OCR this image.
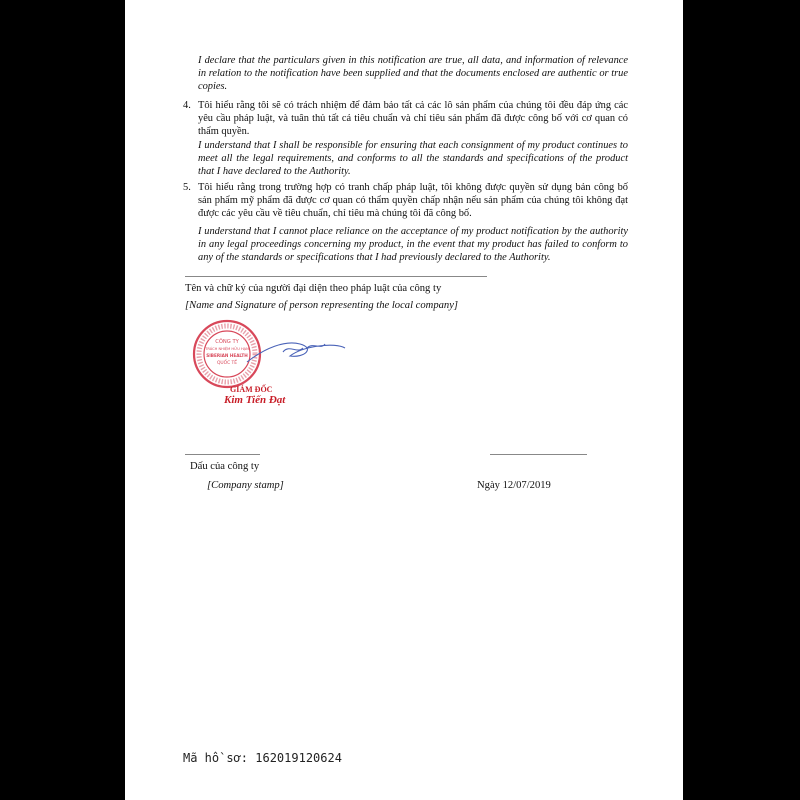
I declare that the particulars given in this notification are true, all data, and information of relevance in relation to the notification have been supplied and that the documents enclosed are authentic or true copies.
4. Tôi hiểu rằng tôi sẽ có trách nhiệm để đảm bảo tất cả các lô sản phẩm của chúng tôi đều đáp ứng các yêu cầu pháp luật, và tuân thủ tất cả tiêu chuẩn và chỉ tiêu sản phẩm đã được công bố với cơ quan có thẩm quyền.
I understand that I shall be responsible for ensuring that each consignment of my product continues to meet all the legal requirements, and conforms to all the standards and specifications of the product that I have declared to the Authority.
5. Tôi hiểu rằng trong trường hợp có tranh chấp pháp luật, tôi không được quyền sử dụng bản công bố sản phẩm mỹ phẩm đã được cơ quan có thẩm quyền chấp nhận nếu sản phẩm của chúng tôi không đạt được các yêu cầu về tiêu chuẩn, chỉ tiêu mà chúng tôi đã công bố.
I understand that I cannot place reliance on the acceptance of my product notification by the authority in any legal proceedings concerning my product, in the event that my product has failed to conform to any of the standards or specifications that I had previously declared to the Authority.
Tên và chữ ký của người đại diện theo pháp luật của công ty
[Name and Signature of person representing the local company]
CÔNG TY
TRÁCH NHIỆM HỮU HẠN
SIBERIAN HEALTH
QUỐC TẾ
GIÁM ĐỐC
Kim Tiến Đạt
Dấu của công ty
[Company stamp]	Ngày 12/07/2019
Mã hồ sơ: 162019120624
